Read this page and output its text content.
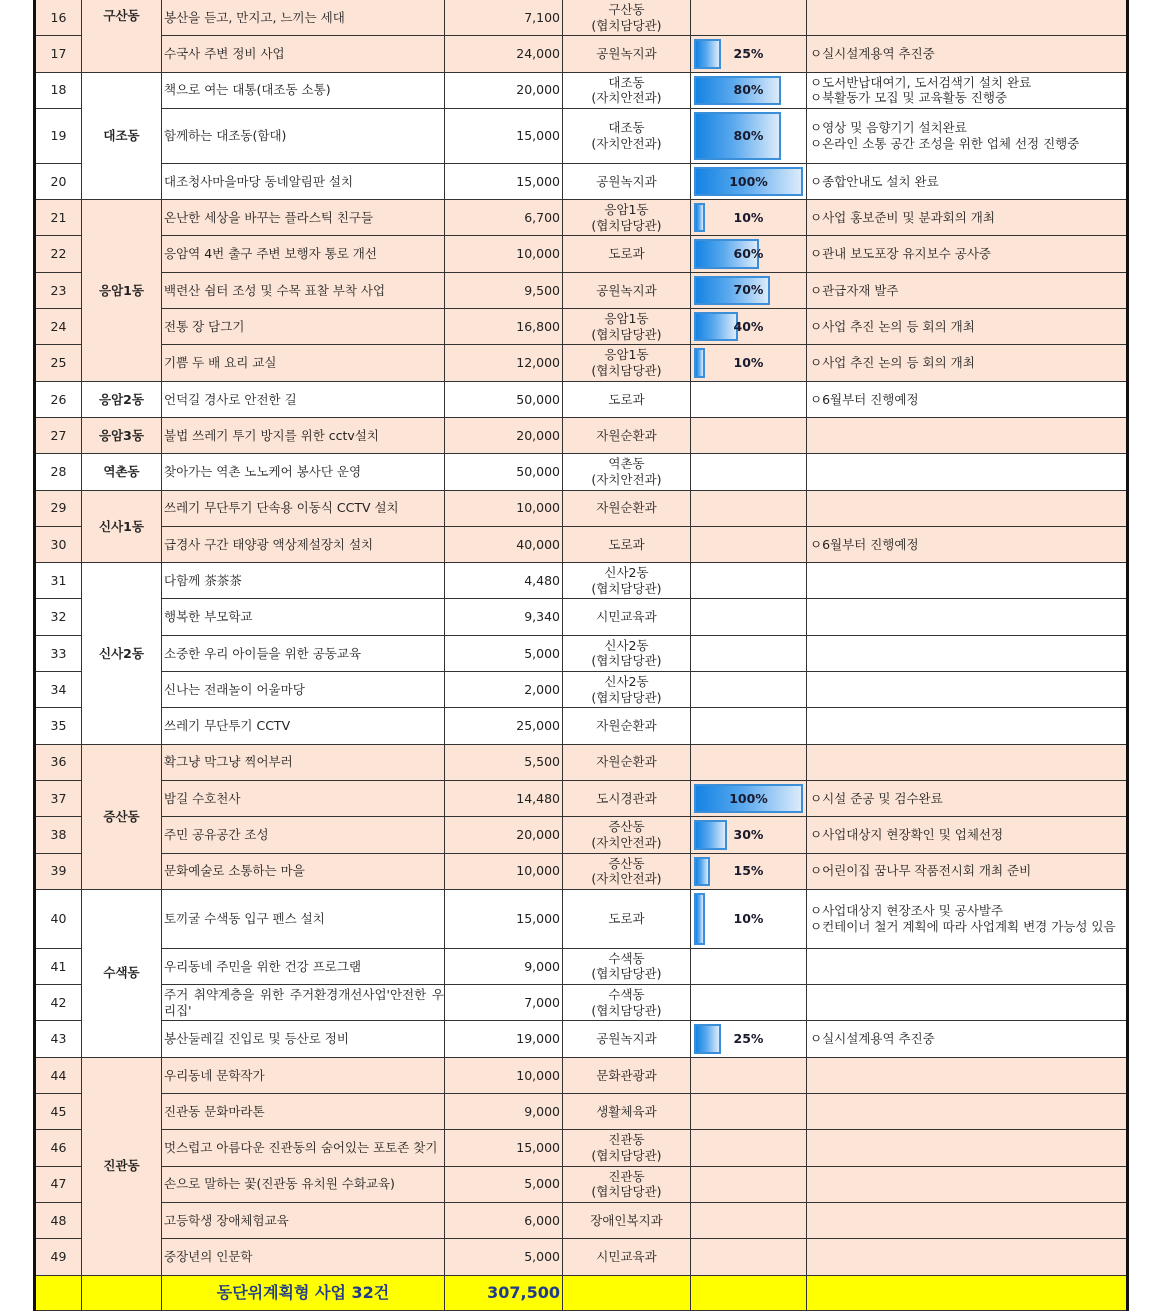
16	구산동	봉산을 듣고, 만지고, 느끼는 세대	7,100	구산동
(협치담당관)		

17		수국사 주변 정비 사업	24,000	공원녹지과	25%	ㅇ실시설계용역 추진중

18	대조동	책으로 여는 대통(대조동 소통)	20,000	대조동
(자치안전과)	80%	ㅇ도서반납대여기, 도서검색기 설치 완료
ㅇ북활동가 모집 및 교육활동 진행중

19		함께하는 대조동(함대)	15,000	대조동
(자치안전과)	80%	ㅇ영상 및 음향기기 설치완료
ㅇ온라인 소통 공간 조성을 위한 업체 선정 진행중

20		대조청사마을마당 동네알림판 설치	15,000	공원녹지과	100%	ㅇ종합안내도 설치 완료

21	응암1동	온난한 세상을 바꾸는 플라스틱 친구들	6,700	응암1동
(협치담당관)	10%	ㅇ사업 홍보준비 및 분과회의 개최

22		응암역 4번 출구 주변 보행자 통로 개선	10,000	도로과	60%	ㅇ관내 보도포장 유지보수 공사중

23		백련산 쉼터 조성 및 수목 표찰 부착 사업	9,500	공원녹지과	70%	ㅇ관급자재 발주

24		전통 장 담그기	16,800	응암1동
(협치담당관)	40%	ㅇ사업 추진 논의 등 회의 개최

25		기쁨 두 배 요리 교실	12,000	응암1동
(협치담당관)	10%	ㅇ사업 추진 논의 등 회의 개최

26	응암2동	언덕길 경사로 안전한 길	50,000	도로과		ㅇ6월부터 진행예정

27	응암3동	불법 쓰레기 투기 방지를 위한 cctv설치	20,000	자원순환과		

28	역촌동	찾아가는 역촌 노노케어 봉사단 운영	50,000	역촌동
(자치안전과)		

29	신사1동	쓰레기 무단투기 단속용 이동식 CCTV 설치	10,000	자원순환과		

30		급경사 구간 태양광 액상제설장치 설치	40,000	도로과		ㅇ6월부터 진행예정

31	신사2동	다함께 茶茶茶	4,480	신사2동
(협치담당관)		

32		행복한 부모학교	9,340	시민교육과		

33		소중한 우리 아이들을 위한 공동교육	5,000	신사2동
(협치담당관)		

34		신나는 전래놀이 어울마당	2,000	신사2동
(협치담당관)		

35		쓰레기 무단투기 CCTV	25,000	자원순환과		

36	증산동	확그냥 막그냥 찍어부러	5,500	자원순환과		

37		밤길 수호천사	14,480	도시경관과	100%	ㅇ시설 준공 및 검수완료

38		주민 공유공간 조성	20,000	증산동
(자치안전과)	30%	ㅇ사업대상지 현장확인 및 업체선정

39		문화예술로 소통하는 마을	10,000	증산동
(자치안전과)	15%	ㅇ어린이집 꿈나무 작품전시회 개최 준비

40	수색동	토끼굴 수색동 입구 펜스 설치	15,000	도로과	10%	ㅇ사업대상지 현장조사 및 공사발주
ㅇ컨테이너 철거 계획에 따라 사업계획 변경 가능성 있음

41		우리동네 주민을 위한 건강 프로그램	9,000	수색동
(협치담당관)		

42		주거 취약계층을 위한 주거환경개선사업'안전한 우리집'	7,000	수색동
(협치담당관)		

43		봉산둘레길 진입로 및 등산로 정비	19,000	공원녹지과	25%	ㅇ실시설계용역 추진중

44	진관동	우리동네 문학작가	10,000	문화관광과		

45		진관동 문화마라톤	9,000	생활체육과		

46		멋스럽고 아름다운 진관동의 숨어있는 포토존 찾기	15,000	진관동
(협치담당관)		

47		손으로 말하는 꽃(진관동 유치원 수화교육)	5,000	진관동
(협치담당관)		

48		고등학생 장애체험교육	6,000	장애인복지과		

49		중장년의 인문학	5,000	시민교육과		

		동단위계획형 사업 32건	307,500			
